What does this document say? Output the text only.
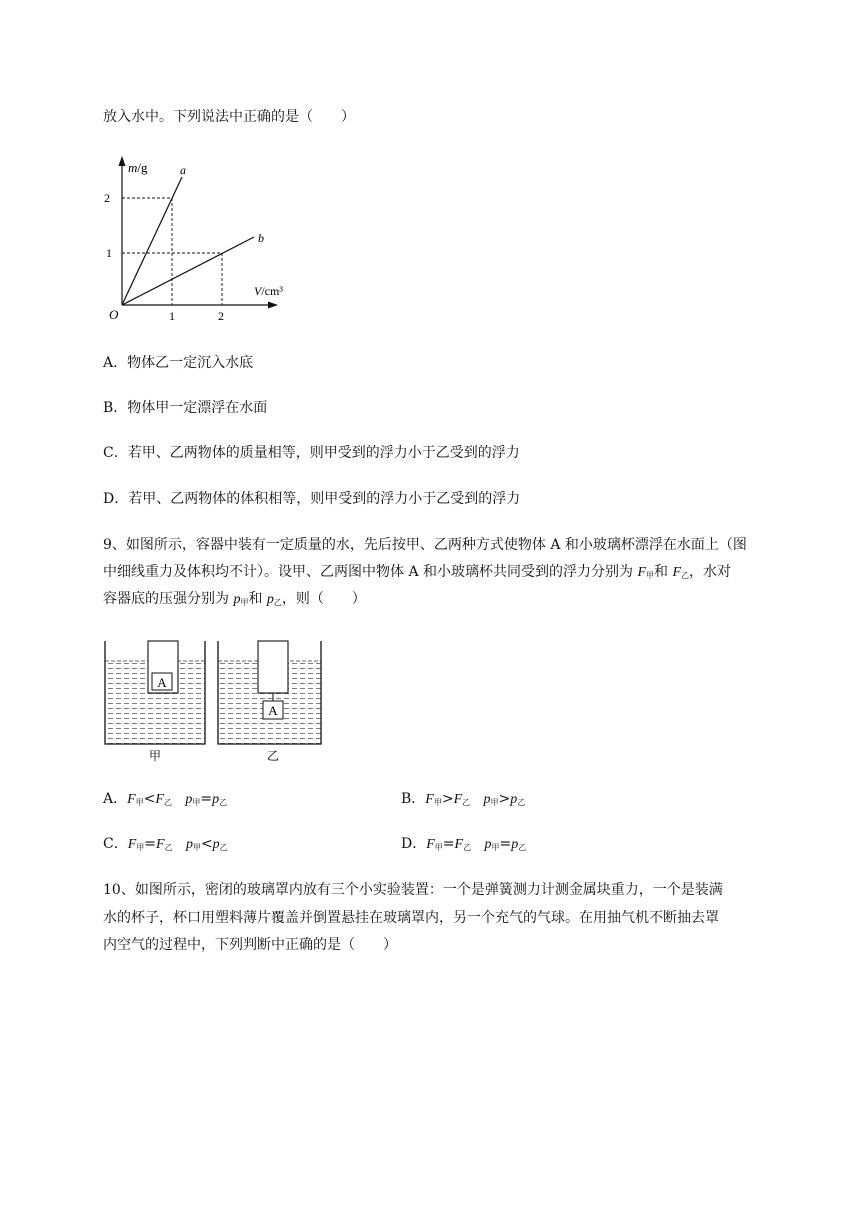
放入水中。下列说法中正确的是（　　）
m/g
V/cm³
a
b
O
2
1
1	2
A．物体乙一定沉入水底
B．物体甲一定漂浮在水面
C．若甲、乙两物体的质量相等，则甲受到的浮力小于乙受到的浮力
D．若甲、乙两物体的体积相等，则甲受到的浮力小于乙受到的浮力
9、如图所示，容器中装有一定质量的水，先后按甲、乙两种方式使物体 A 和小玻璃杯漂浮在水面上（图
中细线重力及体积均不计）。设甲、乙两图中物体 A 和小玻璃杯共同受到的浮力分别为 $F_甲$和 $F_乙$，水对
容器底的压强分别为 $p_甲$和 $p_乙$，则（　　）
A
甲
A
乙
A．$F_甲<F_乙$ $p_甲=p_乙$	B．$F_甲>F_乙$ $p_甲>p_乙$
C．$F_甲=F_乙$ $p_甲<p_乙$	D．$F_甲=F_乙$ $p_甲=p_乙$
10、如图所示，密闭的玻璃罩内放有三个小实验装置：一个是弹簧测力计测金属块重力，一个是装满
水的杯子，杯口用塑料薄片覆盖并倒置悬挂在玻璃罩内，另一个充气的气球。在用抽气机不断抽去罩
内空气的过程中，下列判断中正确的是（　　）
